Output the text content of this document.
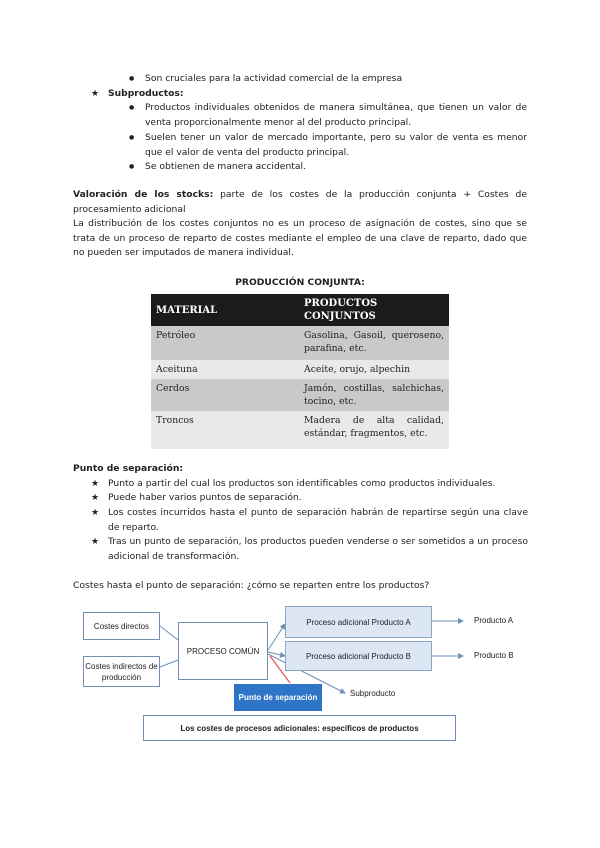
● Son cruciales para la actividad comercial de la empresa
★ Subproductos:
● Productos individuales obtenidos de manera simultánea, que tienen un valor de venta proporcionalmente menor al del producto principal.
● Suelen tener un valor de mercado importante, pero su valor de venta es menor que el valor de venta del producto principal.
● Se obtienen de manera accidental.
Valoración de los stocks: parte de los costes de la producción conjunta + Costes de procesamiento adicional
La distribución de los costes conjuntos no es un proceso de asignación de costes, sino que se trata de un proceso de reparto de costes mediante el empleo de una clave de reparto, dado que no pueden ser imputados de manera individual.
PRODUCCIÓN CONJUNTA:
MATERIAL	PRODUCTOS CONJUNTOS
Petróleo	Gasolina, Gasoil, queroseno, parafina, etc.
Aceituna	Aceite, orujo, alpechin
Cerdos	Jamón, costillas, salchichas, tocino, etc.
Troncos	Madera de alta calidad, estándar, fragmentos, etc.
Punto de separación:
★ Punto a partir del cual los productos son identificables como productos individuales.
★ Puede haber varios puntos de separación.
★ Los costes incurridos hasta el punto de separación habrán de repartirse según una clave de reparto.
★ Tras un punto de separación, los productos pueden venderse o ser sometidos a un proceso adicional de transformación.
Costes hasta el punto de separación: ¿cómo se reparten entre los productos?
Costes directos
Costes indirectos de producción
PROCESO COMÚN
Proceso adicional Producto A
Proceso adicional Producto B
Producto A
Producto B
Punto de separación	Subproducto
Los costes de procesos adicionales: específicos de productos
